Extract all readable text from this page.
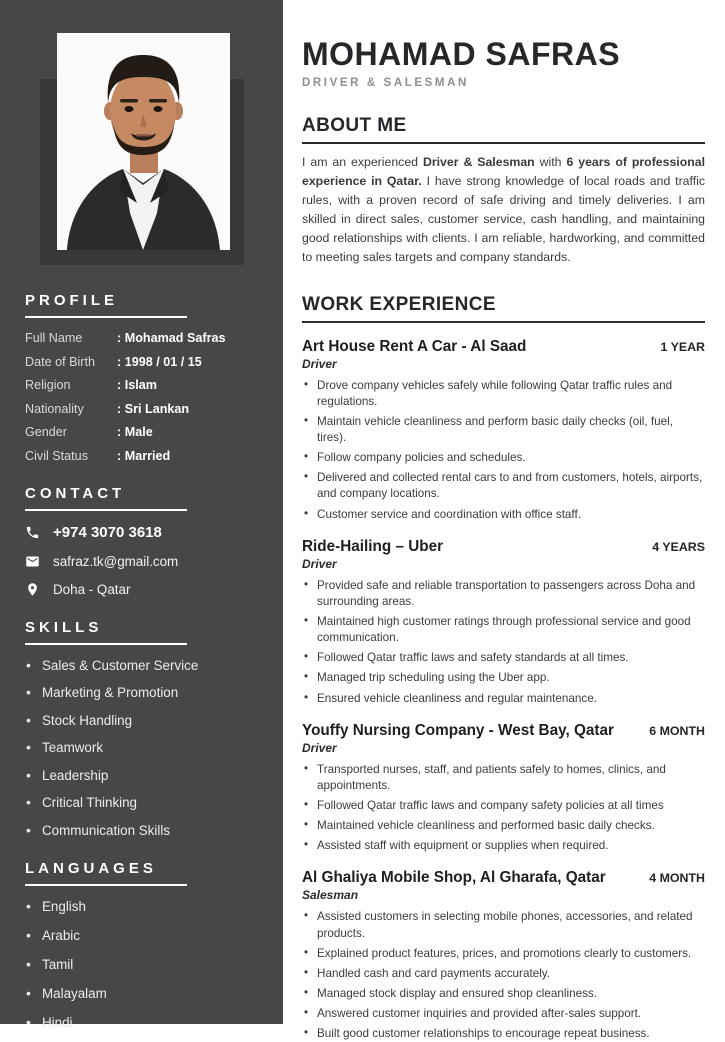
PROFILE
Full Name	: Mohamad Safras
Date of Birth	: 1998 / 01 / 15
Religion	: Islam
Nationality	: Sri Lankan
Gender	: Male
Civil Status	: Married
CONTACT
+974 3070 3618
safraz.tk@gmail.com
Doha - Qatar
SKILLS
• Sales & Customer Service
• Marketing & Promotion
• Stock Handling
• Teamwork
• Leadership
• Critical Thinking
• Communication Skills
LANGUAGES
• English
• Arabic
• Tamil
• Malayalam
• Hindi
MOHAMAD SAFRAS
DRIVER & SALESMAN
ABOUT ME

I am an experienced Driver & Salesman with 6 years of professional experience in Qatar. I have strong knowledge of local roads and traffic rules, with a proven record of safe driving and timely deliveries. I am skilled in direct sales, customer service, cash handling, and maintaining good relationships with clients. I am reliable, hardworking, and committed to meeting sales targets and company standards.

WORK EXPERIENCE
Art House Rent A Car - Al Saad	1 YEAR
Driver
• Drove company vehicles safely while following Qatar traffic rules and regulations.
• Maintain vehicle cleanliness and perform basic daily checks (oil, fuel, tires).
• Follow company policies and schedules.
• Delivered and collected rental cars to and from customers, hotels, airports, and company locations.
• Customer service and coordination with office staff.
Ride-Hailing – Uber	4 YEARS
Driver
• Provided safe and reliable transportation to passengers across Doha and surrounding areas.
• Maintained high customer ratings through professional service and good communication.
• Followed Qatar traffic laws and safety standards at all times.
• Managed trip scheduling using the Uber app.
• Ensured vehicle cleanliness and regular maintenance.
Youffy Nursing Company - West Bay, Qatar	6 MONTH
Driver
• Transported nurses, staff, and patients safely to homes, clinics, and appointments.
• Followed Qatar traffic laws and company safety policies at all times
• Maintained vehicle cleanliness and performed basic daily checks.
• Assisted staff with equipment or supplies when required.
Al Ghaliya Mobile Shop, Al Gharafa, Qatar	4 MONTH
Salesman
• Assisted customers in selecting mobile phones, accessories, and related products.
• Explained product features, prices, and promotions clearly to customers.
• Handled cash and card payments accurately.
• Managed stock display and ensured shop cleanliness.
• Answered customer inquiries and provided after-sales support.
• Built good customer relationships to encourage repeat business.
